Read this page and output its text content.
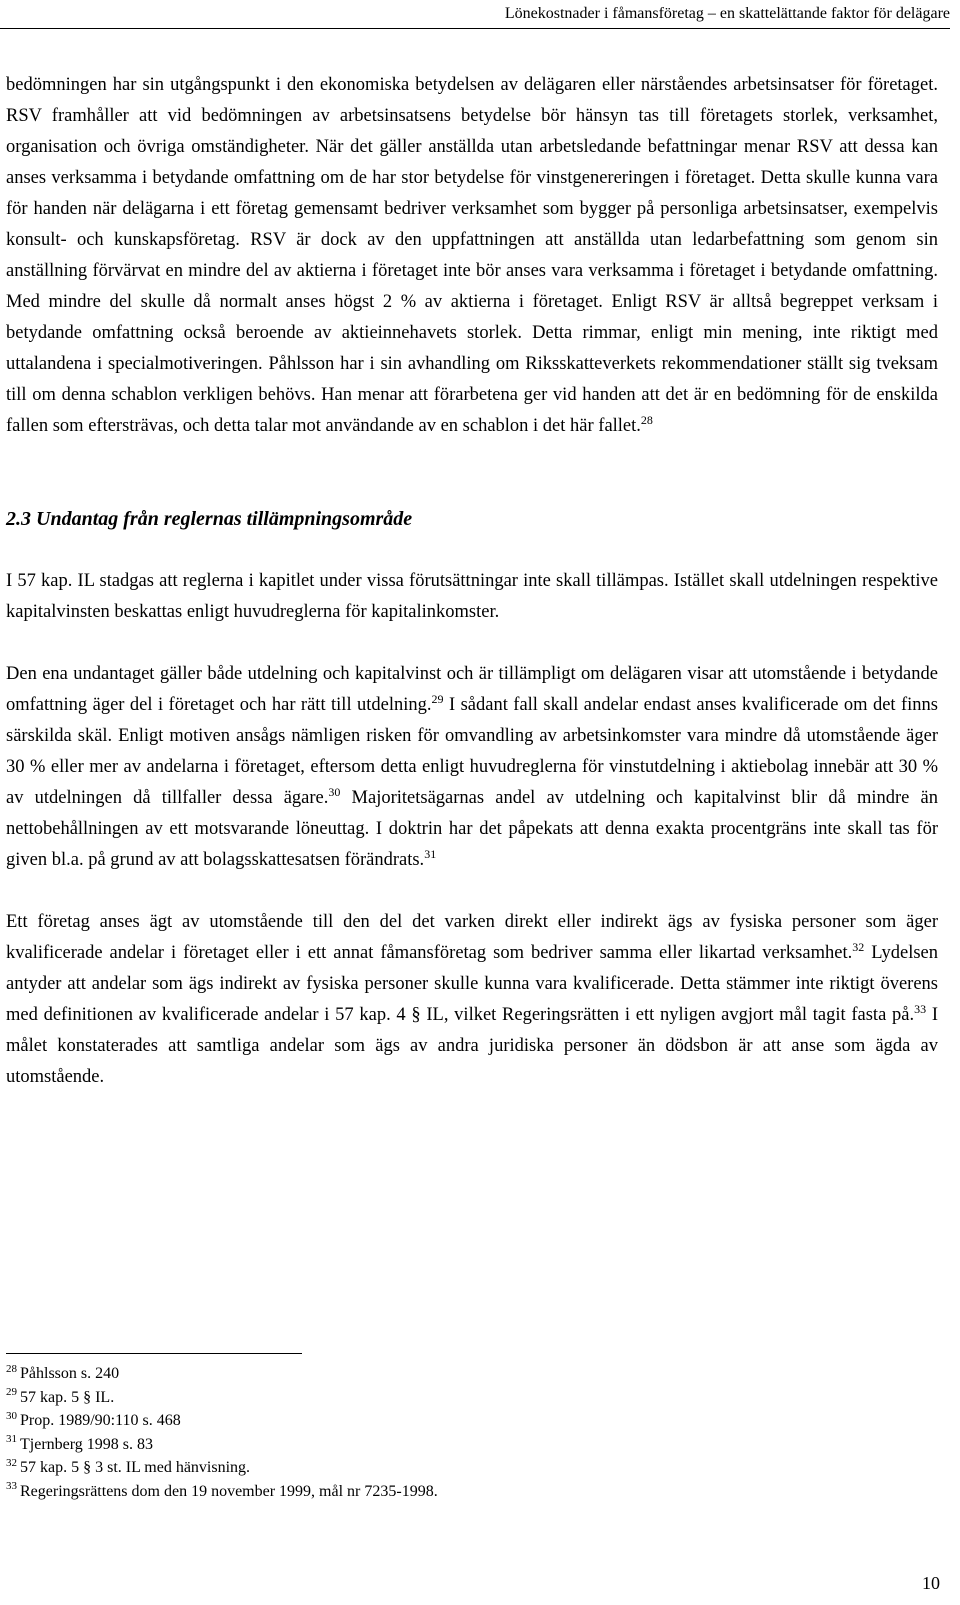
Lönekostnader i fåmansföretag – en skattelättande faktor för delägare

bedömningen har sin utgångspunkt i den ekonomiska betydelsen av delägaren eller närståendes arbetsinsatser för företaget. RSV framhåller att vid bedömningen av arbetsinsatsens betydelse bör hänsyn tas till företagets storlek, verksamhet, organisation och övriga omständigheter. När det gäller anställda utan arbetsledande befattningar menar RSV att dessa kan anses verksamma i betydande omfattning om de har stor betydelse för vinstgenereringen i företaget. Detta skulle kunna vara för handen när delägarna i ett företag gemensamt bedriver verksamhet som bygger på personliga arbetsinsatser, exempelvis konsult- och kunskapsföretag. RSV är dock av den uppfattningen att anställda utan ledarbefattning som genom sin anställning förvärvat en mindre del av aktierna i företaget inte bör anses vara verksamma i företaget i betydande omfattning. Med mindre del skulle då normalt anses högst 2 % av aktierna i företaget. Enligt RSV är alltså begreppet verksam i betydande omfattning också beroende av aktieinnehavets storlek. Detta rimmar, enligt min mening, inte riktigt med uttalandena i specialmotiveringen. Påhlsson har i sin avhandling om Riksskatteverkets rekommendationer ställt sig tveksam till om denna schablon verkligen behövs. Han menar att förarbetena ger vid handen att det är en bedömning för de enskilda fallen som eftersträvas, och detta talar mot användande av en schablon i det här fallet.$^{28}$

2.3 Undantag från reglernas tillämpningsområde

I 57 kap. IL stadgas att reglerna i kapitlet under vissa förutsättningar inte skall tillämpas. Istället skall utdelningen respektive kapitalvinsten beskattas enligt huvudreglerna för kapitalinkomster.

Den ena undantaget gäller både utdelning och kapitalvinst och är tillämpligt om delägaren visar att utomstående i betydande omfattning äger del i företaget och har rätt till utdelning.$^{29}$ I sådant fall skall andelar endast anses kvalificerade om det finns särskilda skäl. Enligt motiven ansågs nämligen risken för omvandling av arbetsinkomster vara mindre då utomstående äger 30 % eller mer av andelarna i företaget, eftersom detta enligt huvudreglerna för vinstutdelning i aktiebolag innebär att 30 % av utdelningen då tillfaller dessa ägare.$^{30}$ Majoritetsägarnas andel av utdelning och kapitalvinst blir då mindre än nettobehållningen av ett motsvarande löneuttag. I doktrin har det påpekats att denna exakta procentgräns inte skall tas för given bl.a. på grund av att bolagsskattesatsen förändrats.$^{31}$

Ett företag anses ägt av utomstående till den del det varken direkt eller indirekt ägs av fysiska personer som äger kvalificerade andelar i företaget eller i ett annat fåmansföretag som bedriver samma eller likartad verksamhet.$^{32}$ Lydelsen antyder att andelar som ägs indirekt av fysiska personer skulle kunna vara kvalificerade. Detta stämmer inte riktigt överens med definitionen av kvalificerade andelar i 57 kap. 4 § IL, vilket Regeringsrätten i ett nyligen avgjort mål tagit fasta på.$^{33}$ I målet konstaterades att samtliga andelar som ägs av andra juridiska personer än dödsbon är att anse som ägda av utomstående.

$^{28}$ Påhlsson s. 240
$^{29}$ 57 kap. 5 § IL.
$^{30}$ Prop. 1989/90:110 s. 468
$^{31}$ Tjernberg 1998 s. 83
$^{32}$ 57 kap. 5 § 3 st. IL med hänvisning.
$^{33}$ Regeringsrättens dom den 19 november 1999, mål nr 7235-1998.
10
